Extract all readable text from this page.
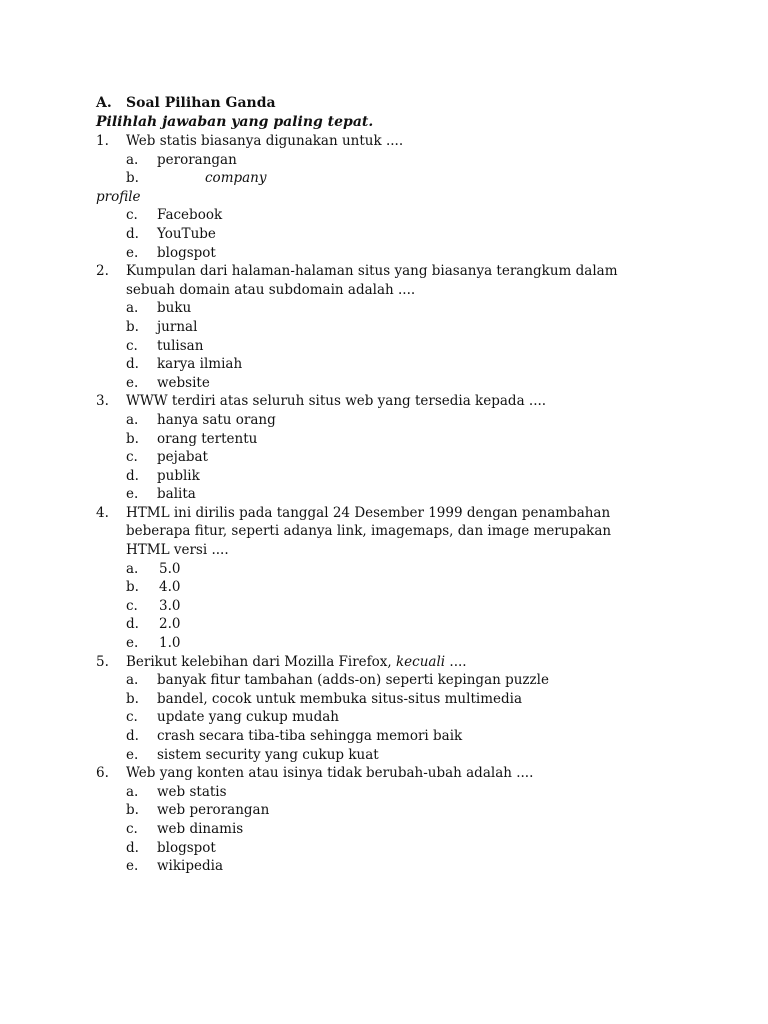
A. Soal Pilihan Ganda
Pilihlah jawaban yang paling tepat.
1. Web statis biasanya digunakan untuk ....
a. perorangan
b.	company
profile
c. Facebook
d. YouTube
e. blogspot
2. Kumpulan dari halaman-halaman situs yang biasanya terangkum dalam sebuah domain atau subdomain adalah ....
a. buku
b. jurnal
c. tulisan
d. karya ilmiah
e. website
3. WWW terdiri atas seluruh situs web yang tersedia kepada ....
a. hanya satu orang
b. orang tertentu
c. pejabat
d. publik
e. balita
4. HTML ini dirilis pada tanggal 24 Desember 1999 dengan penambahan beberapa fitur, seperti adanya link, imagemaps, dan image merupakan HTML versi ....
a. 5.0
b. 4.0
c. 3.0
d. 2.0
e. 1.0
5. Berikut kelebihan dari Mozilla Firefox, kecuali ....
a. banyak fitur tambahan (adds-on) seperti kepingan puzzle
b. bandel, cocok untuk membuka situs-situs multimedia
c. update yang cukup mudah
d. crash secara tiba-tiba sehingga memori baik
e. sistem security yang cukup kuat
6. Web yang konten atau isinya tidak berubah-ubah adalah ....
a. web statis
b. web perorangan
c. web dinamis
d. blogspot
e. wikipedia
